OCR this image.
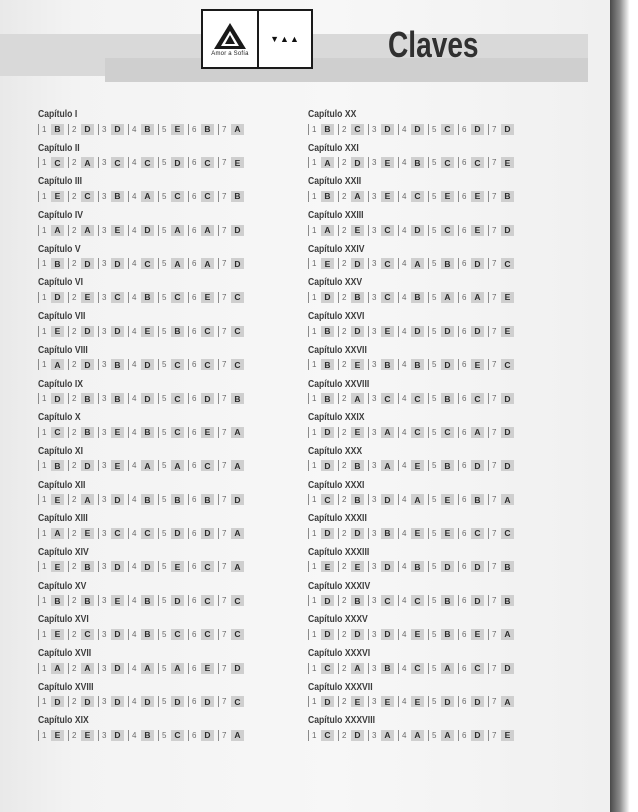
Amor a Sofía
▼▲▲	Claves
Capítulo I
1 B	2 D	3 D	4 B	5 E	6 B	7 A
Capítulo II
1 C	2 A	3 C	4 C	5 D	6 C	7 E
Capítulo III
1 E	2 C	3 B	4 A	5 C	6 C	7 B
Capítulo IV
1 A	2 A	3 E	4 D	5 A	6 A	7 D
Capítulo V
1 B	2 D	3 D	4 C	5 A	6 A	7 D
Capítulo VI
1 D	2 E	3 C	4 B	5 C	6 E	7 C
Capítulo VII
1 E	2 D	3 D	4 E	5 B	6 C	7 C
Capítulo VIII
1 A	2 D	3 B	4 D	5 C	6 C	7 C
Capítulo IX
1 D	2 B	3 B	4 D	5 C	6 D	7 B
Capítulo X
1 C	2 B	3 E	4 B	5 C	6 E	7 A
Capítulo XI
1 B	2 D	3 E	4 A	5 A	6 C	7 A
Capítulo XII
1 E	2 A	3 D	4 B	5 B	6 B	7 D
Capítulo XIII
1 A	2 E	3 C	4 C	5 D	6 D	7 A
Capítulo XIV
1 E	2 B	3 D	4 D	5 E	6 C	7 A
Capítulo XV
1 B	2 B	3 E	4 B	5 D	6 C	7 C
Capítulo XVI
1 E	2 C	3 D	4 B	5 C	6 C	7 C
Capítulo XVII
1 A	2 A	3 D	4 A	5 A	6 E	7 D
Capítulo XVIII
1 D	2 D	3 D	4 D	5 D	6 D	7 C
Capítulo XIX
1 E	2 E	3 D	4 B	5 C	6 D	7 A
Capítulo XX
1 B	2 C	3 D	4 D	5 C	6 D	7 D
Capítulo XXI
1 A	2 D	3 E	4 B	5 C	6 C	7 E
Capítulo XXII
1 B	2 A	3 E	4 C	5 E	6 E	7 B
Capítulo XXIII
1 A	2 E	3 C	4 D	5 C	6 E	7 D
Capítulo XXIV
1 E	2 D	3 C	4 A	5 B	6 D	7 C
Capítulo XXV
1 D	2 B	3 C	4 B	5 A	6 A	7 E
Capítulo XXVI
1 B	2 D	3 E	4 D	5 D	6 D	7 E
Capítulo XXVII
1 B	2 E	3 B	4 B	5 D	6 E	7 C
Capítulo XXVIII
1 B	2 A	3 C	4 C	5 B	6 C	7 D
Capítulo XXIX
1 D	2 E	3 A	4 C	5 C	6 A	7 D
Capítulo XXX
1 D	2 B	3 A	4 E	5 B	6 D	7 D
Capítulo XXXI
1 C	2 B	3 D	4 A	5 E	6 B	7 A
Capítulo XXXII
1 D	2 D	3 B	4 E	5 E	6 C	7 C
Capítulo XXXIII
1 E	2 E	3 D	4 B	5 D	6 D	7 B
Capítulo XXXIV
1 D	2 B	3 C	4 C	5 B	6 D	7 B
Capítulo XXXV
1 D	2 D	3 D	4 E	5 B	6 E	7 A
Capítulo XXXVI
1 C	2 A	3 B	4 C	5 A	6 C	7 D
Capítulo XXXVII
1 D	2 E	3 E	4 E	5 D	6 D	7 A
Capítulo XXXVIII
1 C	2 D	3 A	4 A	5 A	6 D	7 E
